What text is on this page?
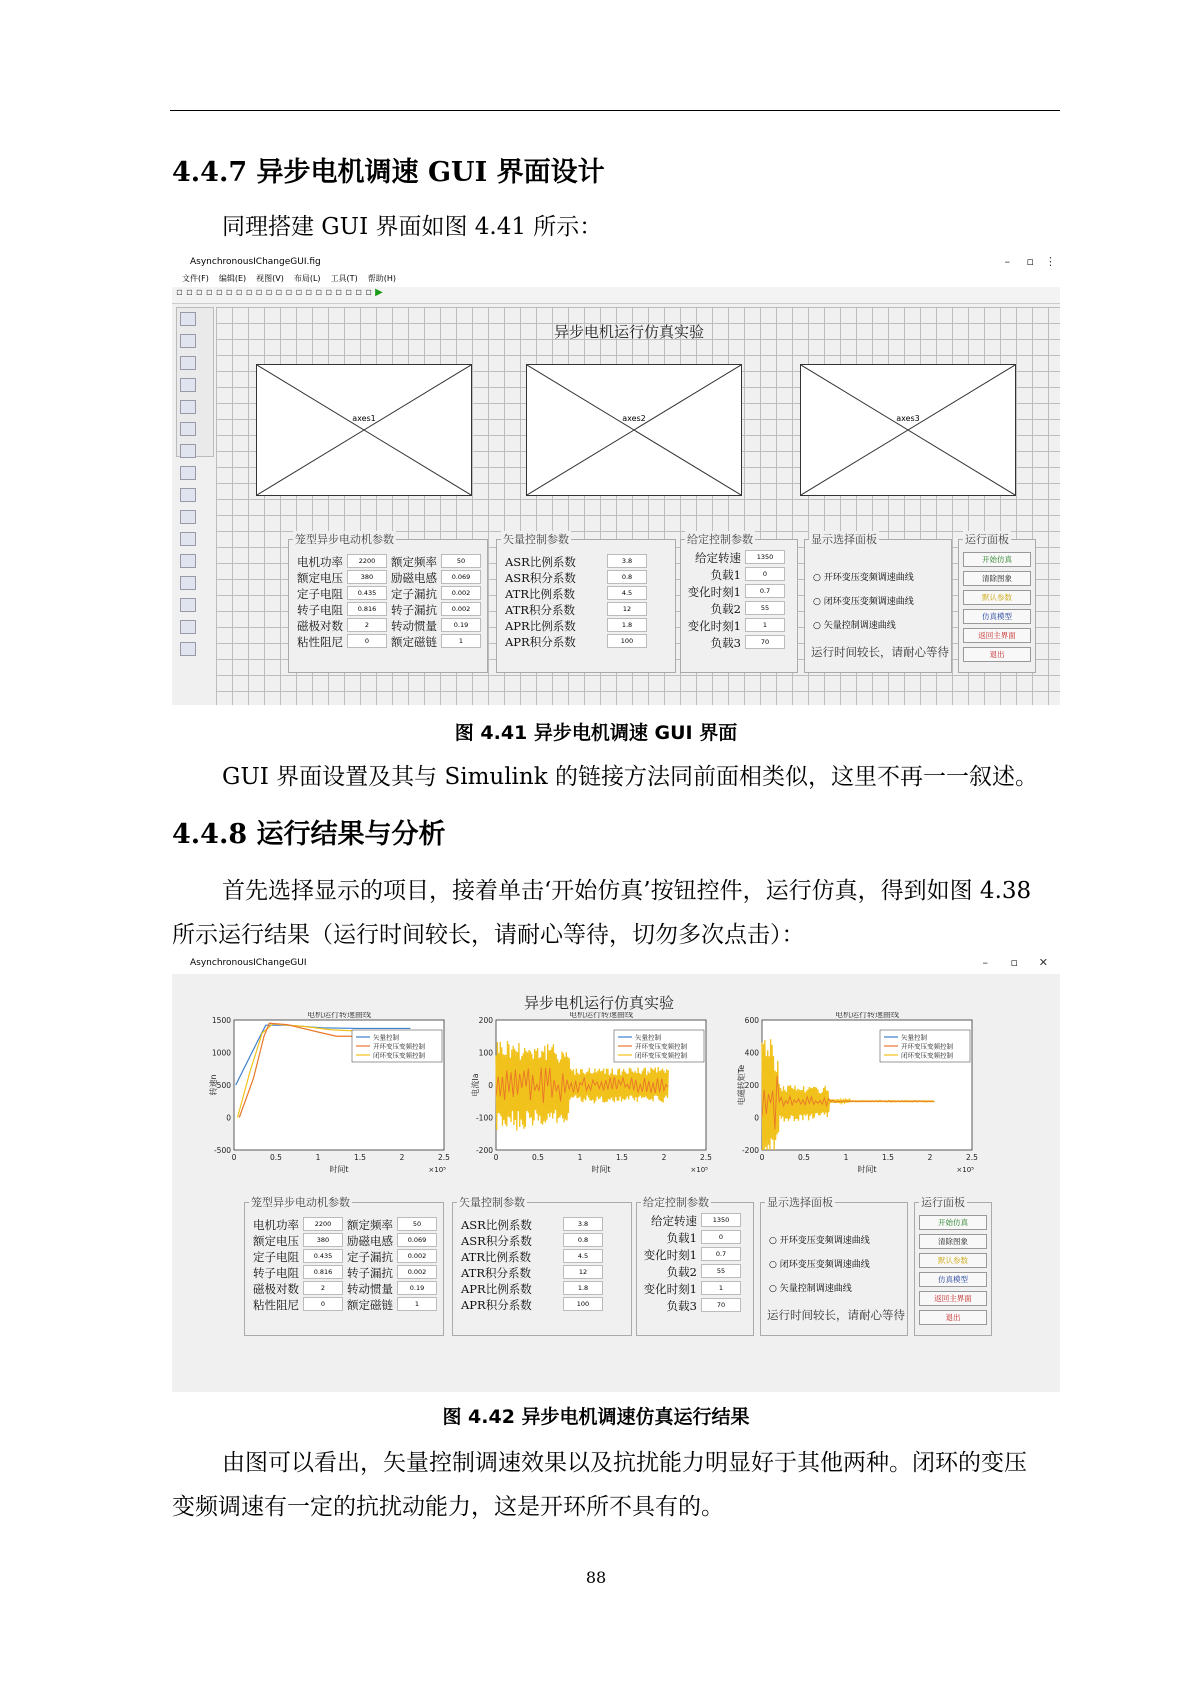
4.4.7 异步电机调速 GUI 界面设计
同理搭建 GUI 界面如图 4.41 所示：
AsynchronousIChangeGUI.fig	– ▫ ⋮
文件(F) 编辑(E) 视图(V) 布局(L) 工具(T) 帮助(H)
▫ ▫ ▫ ▫ ▫ ▫ ▫ ▫ ▫ ▫ ▫ ▫ ▫ ▫ ▫ ▫ ▫ ▫ ▫ ▫ ▶

异步电机运行仿真实验
axes1	axes2	axes3
笼型异步电动机参数
电机功率	2200	额定频率	50
额定电压	380	励磁电感	0.069
定子电阻	0.435	定子漏抗	0.002
转子电阻	0.816	转子漏抗	0.002
磁极对数	2	转动惯量	0.19
粘性阻尼	0	额定磁链	1
矢量控制参数
ASR比例系数	3.8
ASR积分系数	0.8
ATR比例系数	4.5
ATR积分系数	12
APR比例系数	1.8
APR积分系数	100
给定控制参数
给定转速	1350
负载1	0
变化时刻1	0.7
负载2	55
变化时刻1	1
负载3	70
显示选择面板
○ 开环变压变频调速曲线
○ 闭环变压变频调速曲线
○ 矢量控制调速曲线
运行时间较长，请耐心等待
运行面板
开始仿真
清除图象
默认参数
仿真模型
返回主界面
退出
图 4.41 异步电机调速 GUI 界面
GUI 界面设置及其与 Simulink 的链接方法同前面相类似，这里不再一一叙述。
4.4.8 运行结果与分析
首先选择显示的项目，接着单击‘开始仿真’按钮控件，运行仿真，得到如图 4.38
所示运行结果（运行时间较长，请耐心等待，切勿多次点击）：
AsynchronousIChangeGUI	– ▫ ✕
异步电机运行仿真实验
电机运行转速曲线
1500
1000
500
0
-500
0	0.5	1	1.5	2	2.5
×10⁵
时间t
转速n
矢量控制
开环变压变频控制
闭环变压变频控制
电机运行转速曲线
200
100
0
-100
-200
0	0.5	1	1.5	2	2.5
×10⁵
时间t
电流Ia
矢量控制
开环变压变频控制
闭环变压变频控制
电机运行转速曲线
600
400
200
0
-200
0	0.5	1	1.5	2	2.5
×10⁵
时间t
电磁转矩Te
矢量控制
开环变压变频控制
闭环变压变频控制
笼型异步电动机参数
电机功率	2200	额定频率	50
额定电压	380	励磁电感	0.069
定子电阻	0.435	定子漏抗	0.002
转子电阻	0.816	转子漏抗	0.002
磁极对数	2	转动惯量	0.19
粘性阻尼	0	额定磁链	1
矢量控制参数
ASR比例系数	3.8
ASR积分系数	0.8
ATR比例系数	4.5
ATR积分系数	12
APR比例系数	1.8
APR积分系数	100
给定控制参数
给定转速	1350
负载1	0
变化时刻1	0.7
负载2	55
变化时刻1	1
负载3	70
显示选择面板
○ 开环变压变频调速曲线
○ 闭环变压变频调速曲线
○ 矢量控制调速曲线
运行时间较长，请耐心等待
运行面板
开始仿真
清除图象
默认参数
仿真模型
返回主界面
退出
图 4.42 异步电机调速仿真运行结果
由图可以看出，矢量控制调速效果以及抗扰能力明显好于其他两种。闭环的变压
变频调速有一定的抗扰动能力，这是开环所不具有的。
88
